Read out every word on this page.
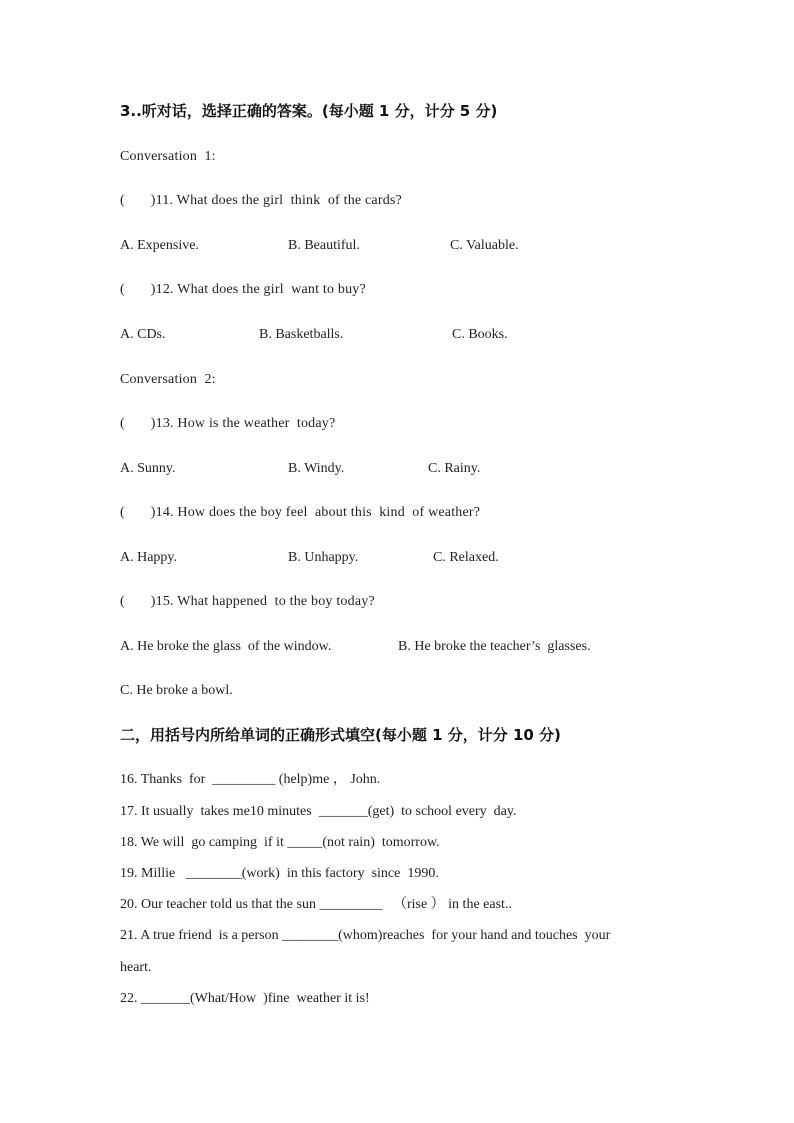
3..听对话，选择正确的答案。(每小题 1 分，计分 5 分)
Conversation  1:
(       )11. What does the girl  think  of the cards?
A. Expensive.	B. Beautiful.	C. Valuable.
(       )12. What does the girl  want to buy?
A. CDs.	B. Basketballs.	C. Books.
Conversation  2:
(       )13. How is the weather  today?
A. Sunny.	B. Windy.	C. Rainy.
(       )14. How does the boy feel  about this  kind  of weather?
A. Happy.	B. Unhappy.	C. Relaxed.
(       )15. What happened  to the boy today?
A. He broke the glass  of the window.	B. He broke the teacher’s  glasses.
C. He broke a bowl.
二，用括号内所给单词的正确形式填空(每小题 1 分，计分 10 分)
16. Thanks  for  _________ (help)me ， John.
17. It usually  takes me10 minutes  _______(get)  to school every  day.
18. We will  go camping  if it _____(not rain)  tomorrow.
19. Millie   ________(work)  in this factory  since  1990.
20. Our teacher told us that the sun _________   （rise ） in the east..
21. A true friend  is a person ________(whom)reaches  for your hand and touches  your
heart.
22. _______(What/How  )fine  weather it is!
